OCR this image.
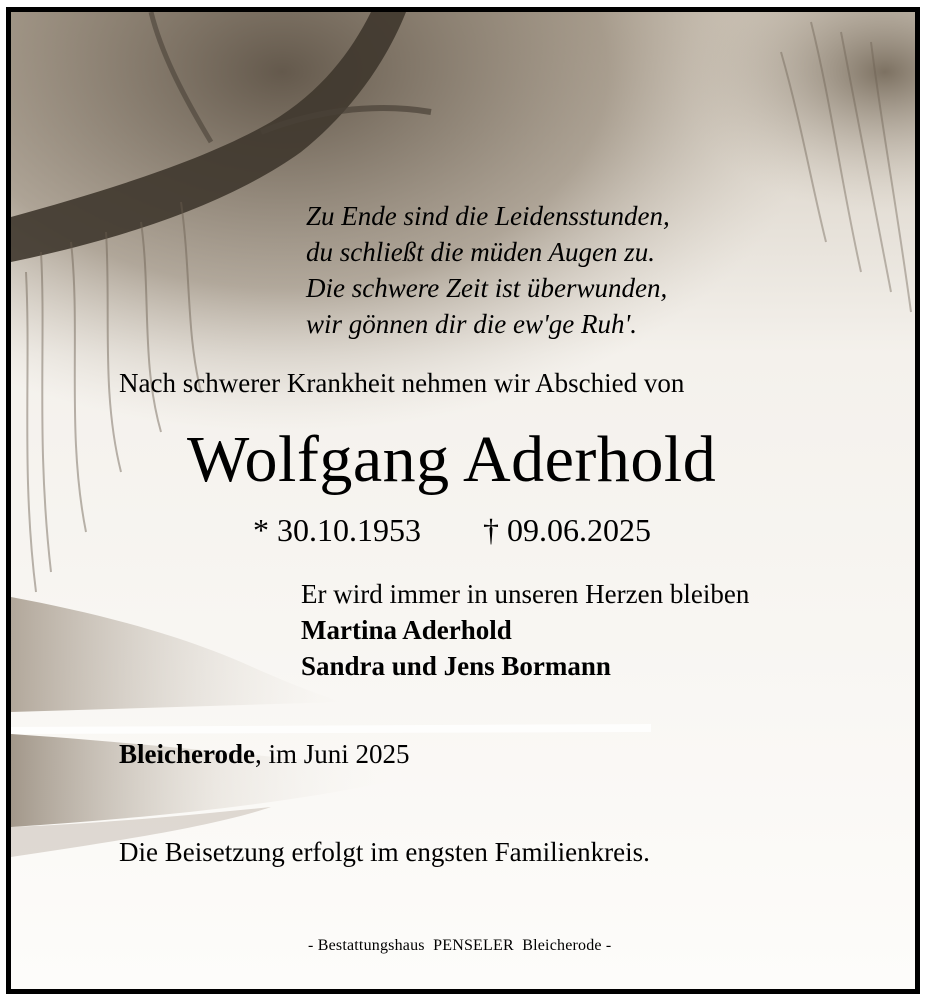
Zu Ende sind die Leidensstunden,
du schließt die müden Augen zu.
Die schwere Zeit ist überwunden,
wir gönnen dir die ew'ge Ruh'.
Nach schwerer Krankheit nehmen wir Abschied von
Wolfgang Aderhold
* 30.10.1953 † 09.06.2025
Er wird immer in unseren Herzen bleiben
Martina Aderhold
Sandra und Jens Bormann
Bleicherode, im Juni 2025
Die Beisetzung erfolgt im engsten Familienkreis.
- Bestattungshaus  PENSELER  Bleicherode -
